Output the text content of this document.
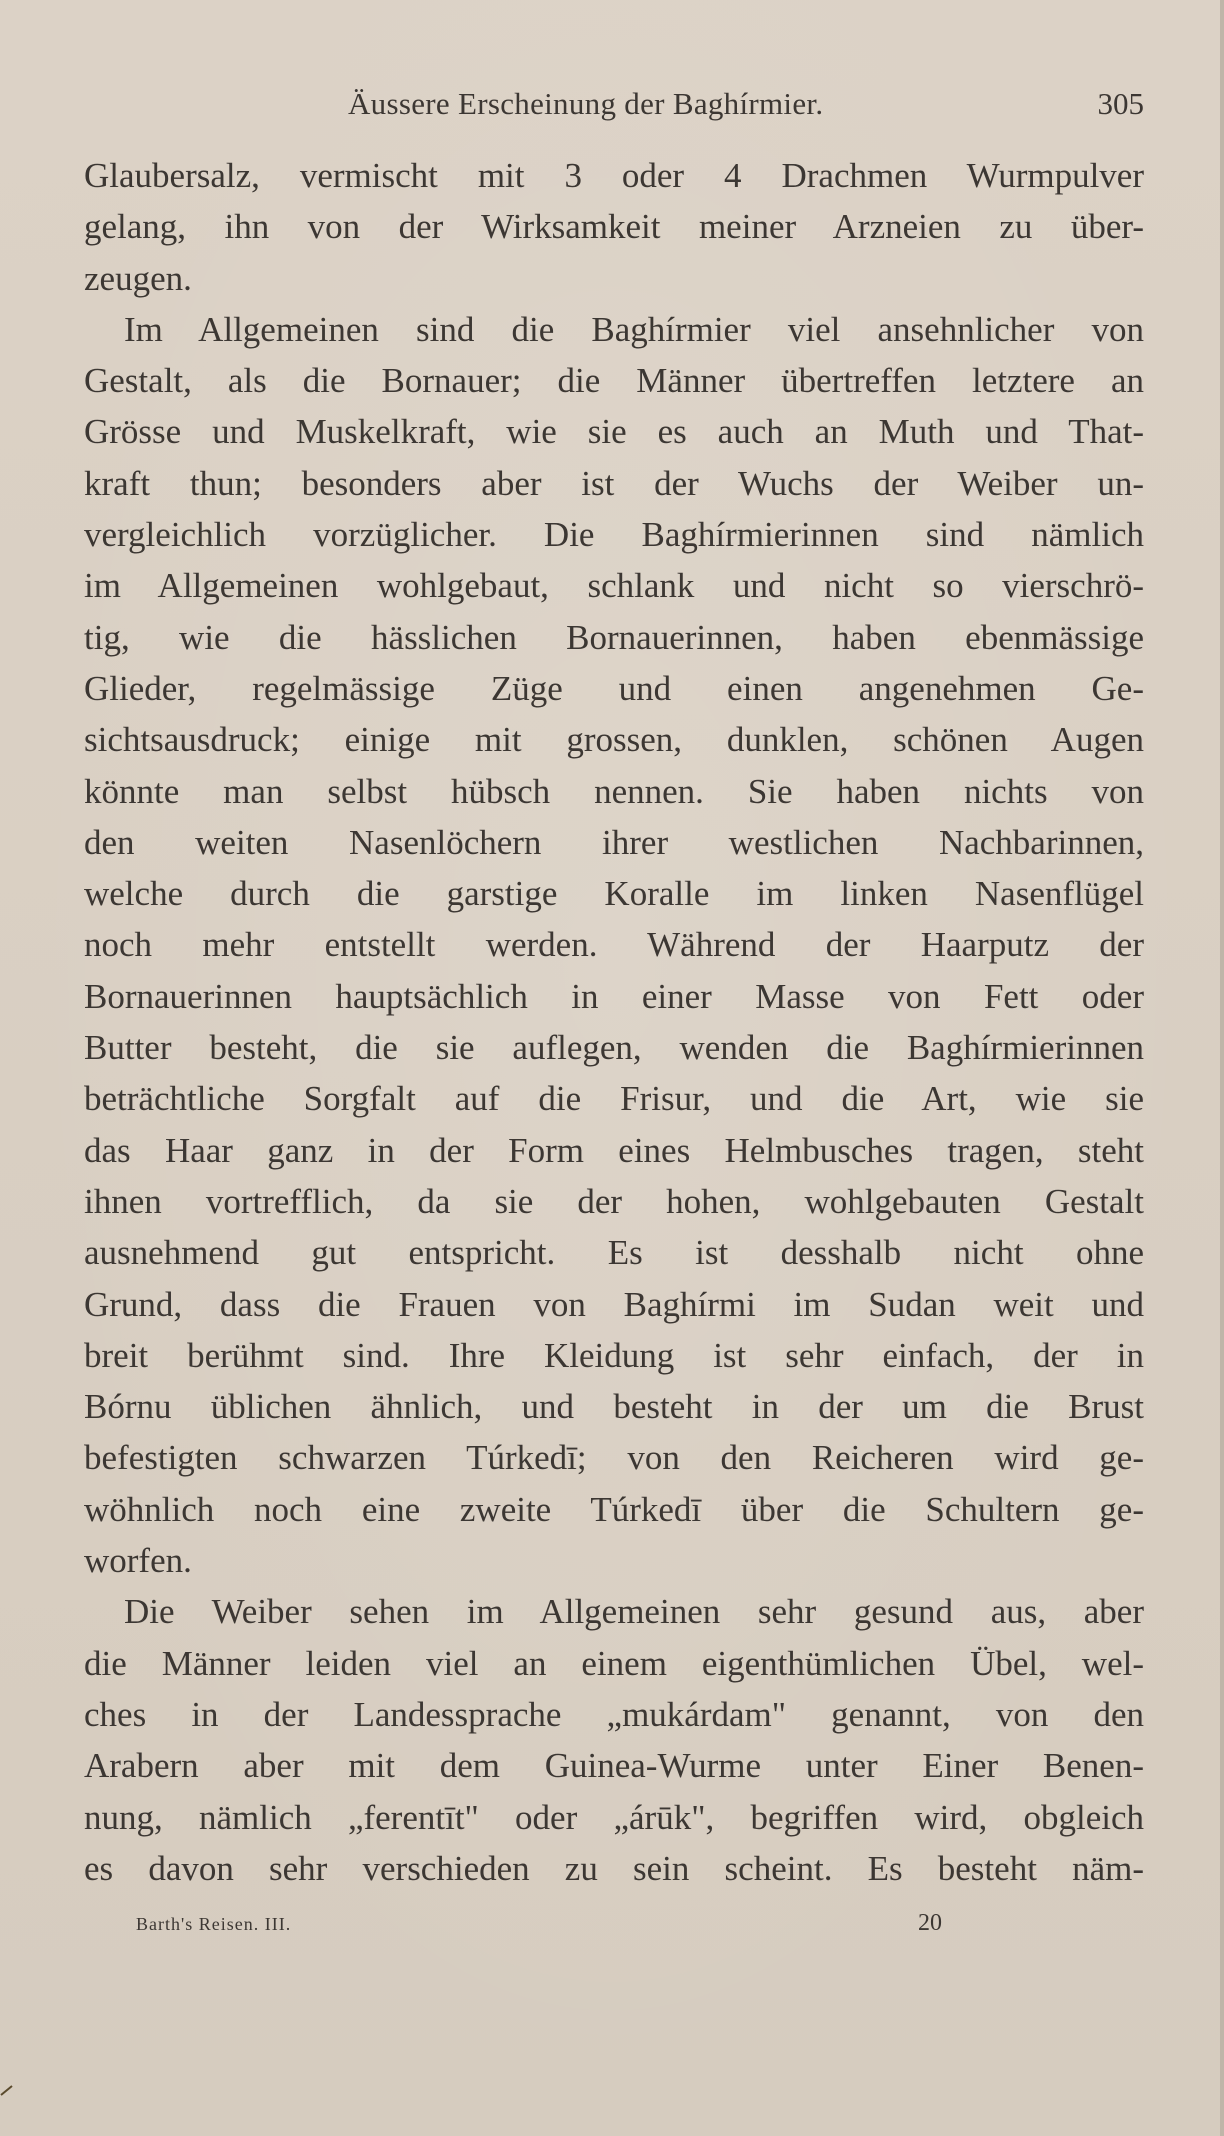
Äussere Erscheinung der Baghírmier.	305
Glaubersalz, vermischt mit 3 oder 4 Drachmen Wurmpulver
gelang, ihn von der Wirksamkeit meiner Arzneien zu über-
zeugen.
Im Allgemeinen sind die Baghírmier viel ansehnlicher von
Gestalt, als die Bornauer; die Männer übertreffen letztere an
Grösse und Muskelkraft, wie sie es auch an Muth und That-
kraft thun; besonders aber ist der Wuchs der Weiber un-
vergleichlich vorzüglicher. Die Baghírmierinnen sind nämlich
im Allgemeinen wohlgebaut, schlank und nicht so vierschrö-
tig, wie die hässlichen Bornauerinnen, haben ebenmässige
Glieder, regelmässige Züge und einen angenehmen Ge-
sichtsausdruck; einige mit grossen, dunklen, schönen Augen
könnte man selbst hübsch nennen. Sie haben nichts von
den weiten Nasenlöchern ihrer westlichen Nachbarinnen,
welche durch die garstige Koralle im linken Nasenflügel
noch mehr entstellt werden. Während der Haarputz der
Bornauerinnen hauptsächlich in einer Masse von Fett oder
Butter besteht, die sie auflegen, wenden die Baghírmierinnen
beträchtliche Sorgfalt auf die Frisur, und die Art, wie sie
das Haar ganz in der Form eines Helmbusches tragen, steht
ihnen vortrefflich, da sie der hohen, wohlgebauten Gestalt
ausnehmend gut entspricht. Es ist desshalb nicht ohne
Grund, dass die Frauen von Baghírmi im Sudan weit und
breit berühmt sind. Ihre Kleidung ist sehr einfach, der in
Bórnu üblichen ähnlich, und besteht in der um die Brust
befestigten schwarzen Túrkedī; von den Reicheren wird ge-
wöhnlich noch eine zweite Túrkedī über die Schultern ge-
worfen.
Die Weiber sehen im Allgemeinen sehr gesund aus, aber
die Männer leiden viel an einem eigenthümlichen Übel, wel-
ches in der Landessprache „mukárdam" genannt, von den
Arabern aber mit dem Guinea-Wurme unter Einer Benen-
nung, nämlich „ferentīt" oder „árūk", begriffen wird, obgleich
es davon sehr verschieden zu sein scheint. Es besteht näm-
Barth's Reisen. III.	20
